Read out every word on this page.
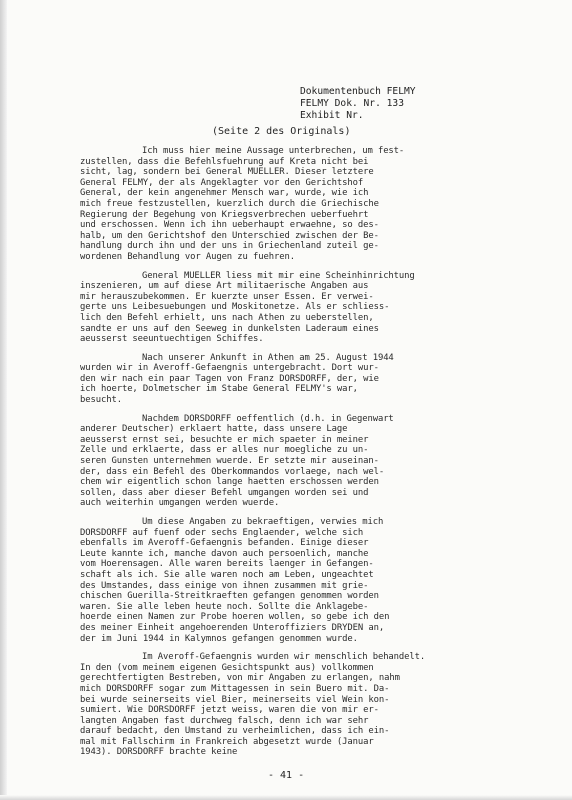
Dokumentenbuch FELMY
FELMY Dok. Nr. 133
Exhibit Nr.
(Seite 2 des Originals)
Ich muss hier meine Aussage unterbrechen, um fest-
zustellen, dass die Befehlsfuehrung auf Kreta nicht bei
sicht, lag, sondern bei General MUELLER. Dieser letztere
General FELMY, der als Angeklagter vor den Gerichtshof
General, der kein angenehmer Mensch war, wurde, wie ich
mich freue festzustellen, kuerzlich durch die Griechische
Regierung der Begehung von Kriegsverbrechen ueberfuehrt
und erschossen. Wenn ich ihn ueberhaupt erwaehne, so des-
halb, um den Gerichtshof den Unterschied zwischen der Be-
handlung durch ihn und der uns in Griechenland zuteil ge-
wordenen Behandlung vor Augen zu fuehren.
General MUELLER liess mit mir eine Scheinhinrichtung
inszenieren, um auf diese Art militaerische Angaben aus
mir herauszubekommen. Er kuerzte unser Essen. Er verwei-
gerte uns Leibesuebungen und Moskitonetze. Als er schliess-
lich den Befehl erhielt, uns nach Athen zu ueberstellen,
sandte er uns auf den Seeweg in dunkelsten Laderaum eines
aeusserst seeuntuechtigen Schiffes.
Nach unserer Ankunft in Athen am 25. August 1944
wurden wir in Averoff-Gefaengnis untergebracht. Dort wur-
den wir nach ein paar Tagen von Franz DORSDORFF, der, wie
ich hoerte, Dolmetscher im Stabe General FELMY's war,
besucht.
Nachdem DORSDORFF oeffentlich (d.h. in Gegenwart
anderer Deutscher) erklaert hatte, dass unsere Lage
aeusserst ernst sei, besuchte er mich spaeter in meiner
Zelle und erklaerte, dass er alles nur moegliche zu un-
seren Gunsten unternehmen wuerde. Er setzte mir auseinan-
der, dass ein Befehl des Oberkommandos vorlaege, nach wel-
chem wir eigentlich schon lange haetten erschossen werden
sollen, dass aber dieser Befehl umgangen worden sei und
auch weiterhin umgangen werden wuerde.
Um diese Angaben zu bekraeftigen, verwies mich
DORSDORFF auf fuenf oder sechs Englaender, welche sich
ebenfalls im Averoff-Gefaengnis befanden. Einige dieser
Leute kannte ich, manche davon auch persoenlich, manche
vom Hoerensagen. Alle waren bereits laenger in Gefangen-
schaft als ich. Sie alle waren noch am Leben, ungeachtet
des Umstandes, dass einige von ihnen zusammen mit grie-
chischen Guerilla-Streitkraeften gefangen genommen worden
waren. Sie alle leben heute noch. Sollte die Anklagebe-
hoerde einen Namen zur Probe hoeren wollen, so gebe ich den
des meiner Einheit angehoerenden Unteroffiziers DRYDEN an,
der im Juni 1944 in Kalymnos gefangen genommen wurde.
Im Averoff-Gefaengnis wurden wir menschlich behandelt.
In den (vom meinem eigenen Gesichtspunkt aus) vollkommen
gerechtfertigten Bestreben, von mir Angaben zu erlangen, nahm
mich DORSDORFF sogar zum Mittagessen in sein Buero mit. Da-
bei wurde seinerseits viel Bier, meinerseits viel Wein kon-
sumiert. Wie DORSDORFF jetzt weiss, waren die von mir er-
langten Angaben fast durchweg falsch, denn ich war sehr
darauf bedacht, den Umstand zu verheimlichen, dass ich ein-
mal mit Fallschirm in Frankreich abgesetzt wurde (Januar
1943). DORSDORFF brachte keine
- 41 -
